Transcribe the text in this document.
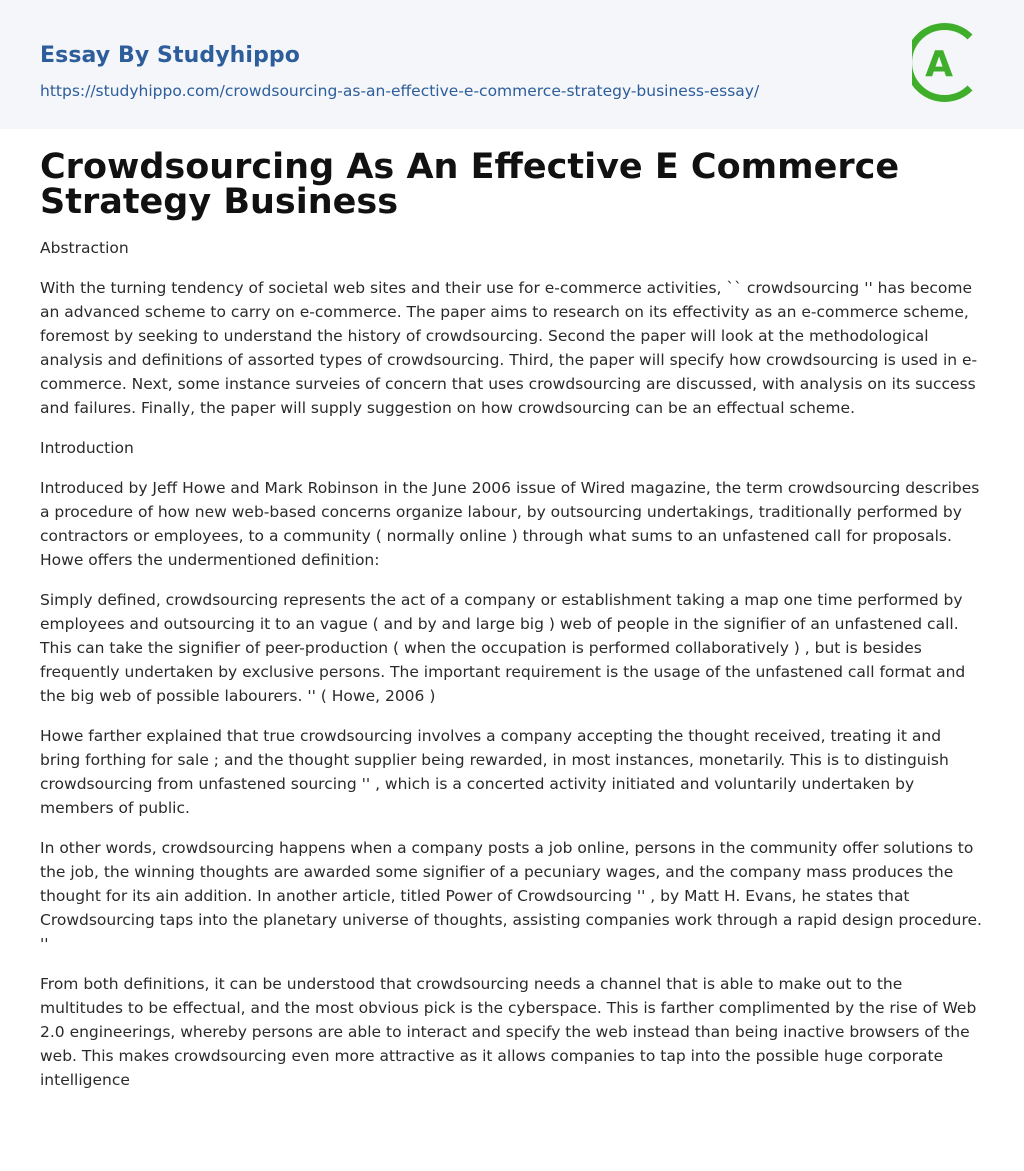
Essay By Studyhippo
https://studyhippo.com/crowdsourcing-as-an-effective-e-commerce-strategy-business-essay/
A
Crowdsourcing As An Effective E Commerce Strategy Business

Abstraction

With the turning tendency of societal web sites and their use for e-commerce activities, `` crowdsourcing '' has become an advanced scheme to carry on e-commerce. The paper aims to research on its effectivity as an e-commerce scheme, foremost by seeking to understand the history of crowdsourcing. Second the paper will look at the methodological analysis and definitions of assorted types of crowdsourcing. Third, the paper will specify how crowdsourcing is used in e-commerce. Next, some instance surveies of concern that uses crowdsourcing are discussed, with analysis on its success and failures. Finally, the paper will supply suggestion on how crowdsourcing can be an effectual scheme.

Introduction

Introduced by Jeff Howe and Mark Robinson in the June 2006 issue of Wired magazine, the term crowdsourcing describes a procedure of how new web-based concerns organize labour, by outsourcing undertakings, traditionally performed by contractors or employees, to a community ( normally online ) through what sums to an unfastened call for proposals. Howe offers the undermentioned definition:

Simply defined, crowdsourcing represents the act of a company or establishment taking a map one time performed by employees and outsourcing it to an vague ( and by and large big ) web of people in the signifier of an unfastened call. This can take the signifier of peer-production ( when the occupation is performed collaboratively ) , but is besides frequently undertaken by exclusive persons. The important requirement is the usage of the unfastened call format and the big web of possible labourers. '' ( Howe, 2006 )

Howe farther explained that true crowdsourcing involves a company accepting the thought received, treating it and bring forthing for sale ; and the thought supplier being rewarded, in most instances, monetarily. This is to distinguish crowdsourcing from unfastened sourcing '' , which is a concerted activity initiated and voluntarily undertaken by members of public.

In other words, crowdsourcing happens when a company posts a job online, persons in the community offer solutions to the job, the winning thoughts are awarded some signifier of a pecuniary wages, and the company mass produces the thought for its ain addition. In another article, titled Power of Crowdsourcing '' , by Matt H. Evans, he states that Crowdsourcing taps into the planetary universe of thoughts, assisting companies work through a rapid design procedure. ''

From both definitions, it can be understood that crowdsourcing needs a channel that is able to make out to the multitudes to be effectual, and the most obvious pick is the cyberspace. This is farther complimented by the rise of Web 2.0 engineerings, whereby persons are able to interact and specify the web instead than being inactive browsers of the web. This makes crowdsourcing even more attractive as it allows companies to tap into the possible huge corporate intelligence
